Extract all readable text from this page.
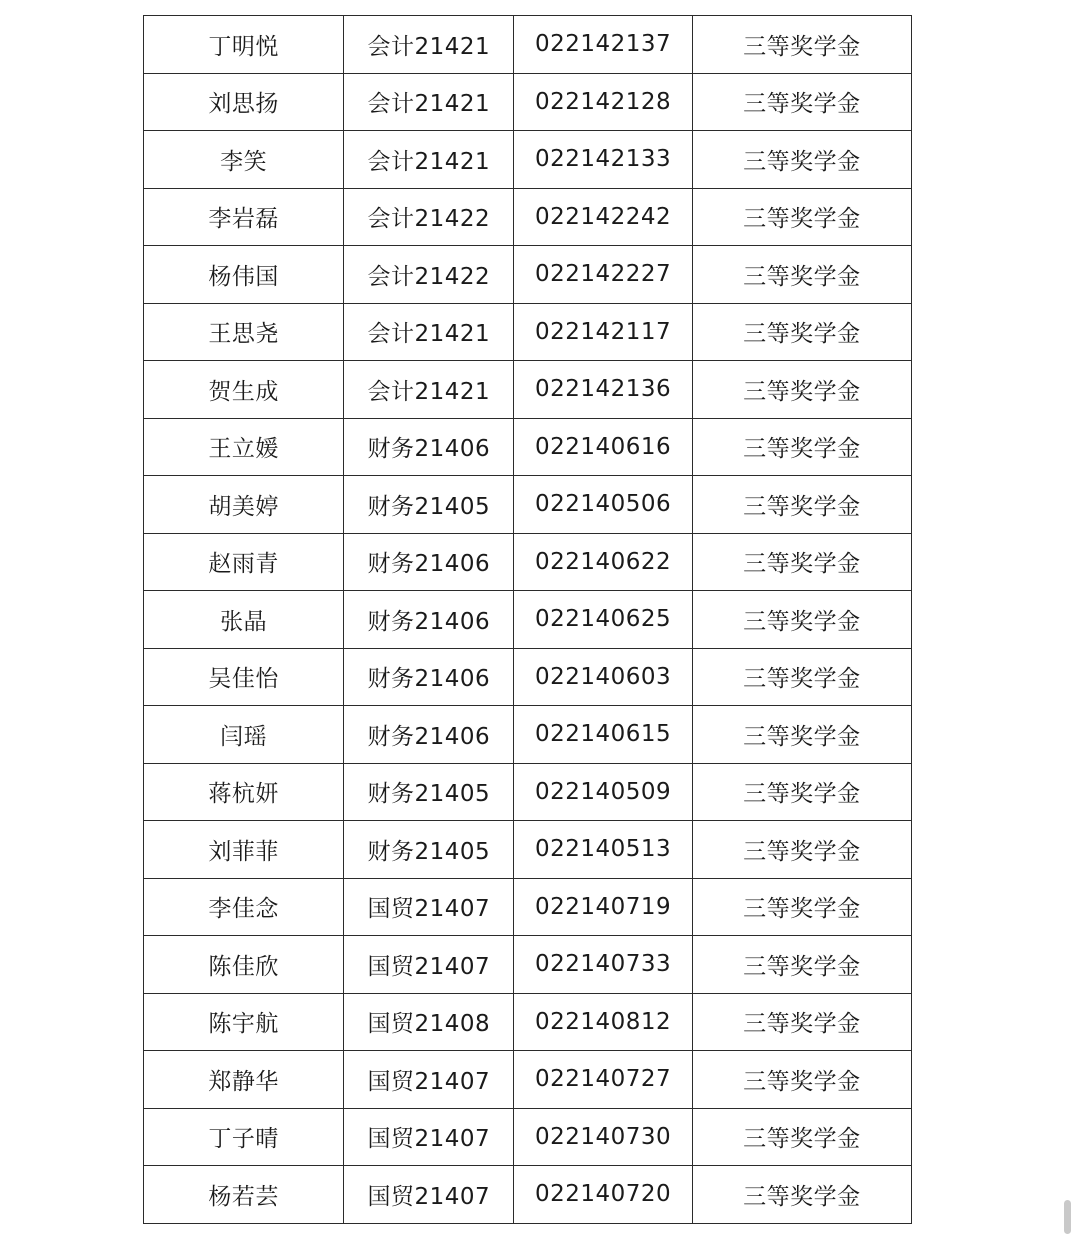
丁明悦	会计21421	022142137	三等奖学金
刘思扬	会计21421	022142128	三等奖学金
李笑	会计21421	022142133	三等奖学金
李岩磊	会计21422	022142242	三等奖学金
杨伟国	会计21422	022142227	三等奖学金
王思尧	会计21421	022142117	三等奖学金
贺生成	会计21421	022142136	三等奖学金
王立媛	财务21406	022140616	三等奖学金
胡美婷	财务21405	022140506	三等奖学金
赵雨青	财务21406	022140622	三等奖学金
张晶	财务21406	022140625	三等奖学金
吴佳怡	财务21406	022140603	三等奖学金
闫瑶	财务21406	022140615	三等奖学金
蒋杭妍	财务21405	022140509	三等奖学金
刘菲菲	财务21405	022140513	三等奖学金
李佳念	国贸21407	022140719	三等奖学金
陈佳欣	国贸21407	022140733	三等奖学金
陈宇航	国贸21408	022140812	三等奖学金
郑静华	国贸21407	022140727	三等奖学金
丁子晴	国贸21407	022140730	三等奖学金
杨若芸	国贸21407	022140720	三等奖学金
